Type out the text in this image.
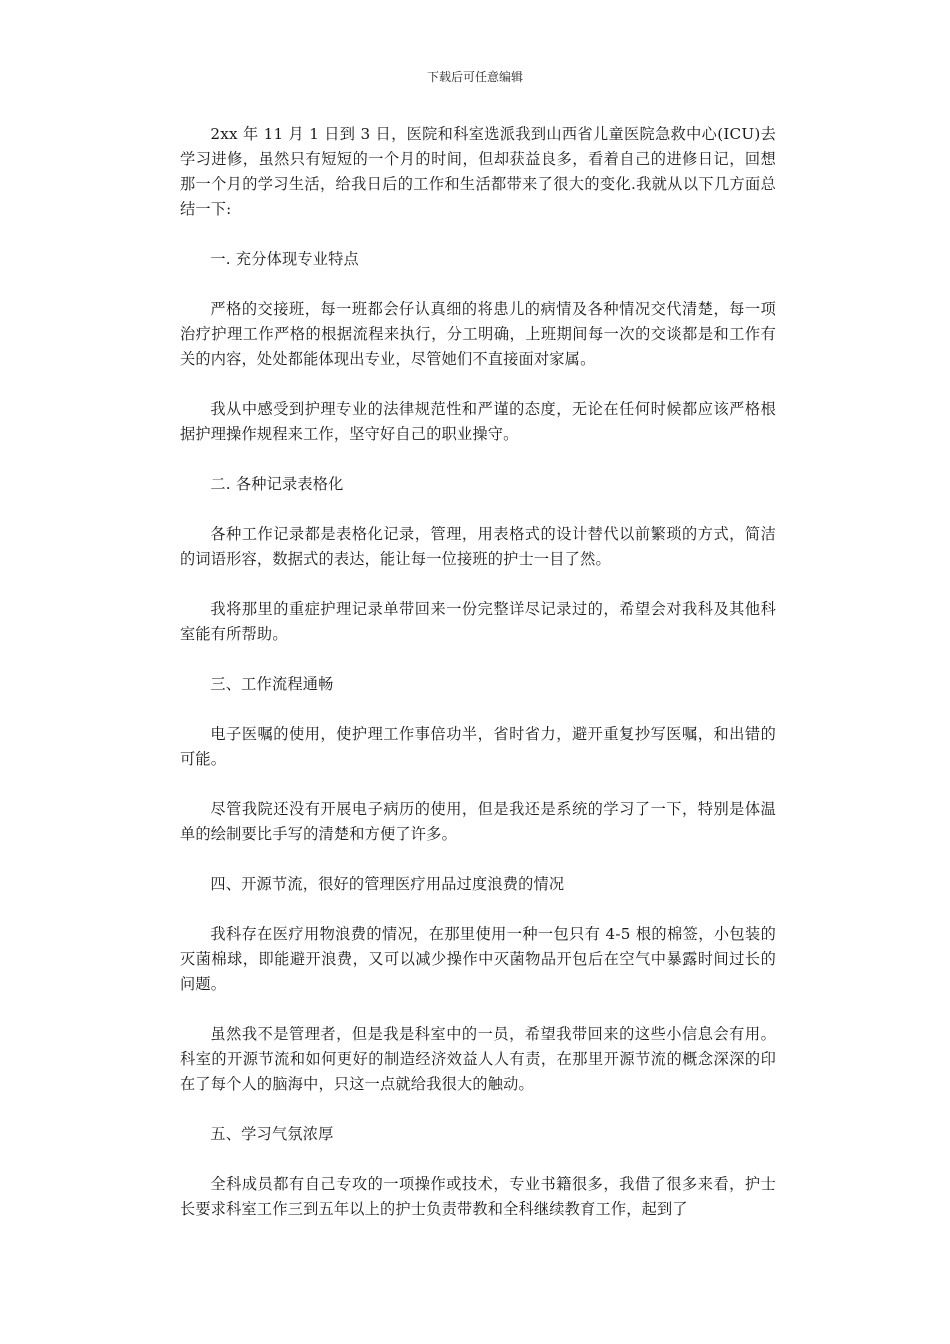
下载后可任意编辑

2xx 年 11 月 1 日到 3 日，医院和科室选派我到山西省儿童医院急救中心(ICU)去学习进修，虽然只有短短的一个月的时间，但却获益良多，看着自己的进修日记，回想那一个月的学习生活，给我日后的工作和生活都带来了很大的变化.我就从以下几方面总结一下:

一. 充分体现专业特点

严格的交接班，每一班都会仔认真细的将患儿的病情及各种情况交代清楚，每一项治疗护理工作严格的根据流程来执行，分工明确，上班期间每一次的交谈都是和工作有关的内容，处处都能体现出专业，尽管她们不直接面对家属。

我从中感受到护理专业的法律规范性和严谨的态度，无论在任何时候都应该严格根据护理操作规程来工作，坚守好自己的职业操守。

二. 各种记录表格化

各种工作记录都是表格化记录，管理，用表格式的设计替代以前繁琐的方式，简洁的词语形容，数据式的表达，能让每一位接班的护士一目了然。

我将那里的重症护理记录单带回来一份完整详尽记录过的，希望会对我科及其他科室能有所帮助。

三、工作流程通畅

电子医嘱的使用，使护理工作事倍功半，省时省力，避开重复抄写医嘱，和出错的可能。

尽管我院还没有开展电子病历的使用，但是我还是系统的学习了一下，特别是体温单的绘制要比手写的清楚和方便了许多。

四、开源节流，很好的管理医疗用品过度浪费的情况

我科存在医疗用物浪费的情况，在那里使用一种一包只有 4-5 根的棉签，小包装的灭菌棉球，即能避开浪费，又可以减少操作中灭菌物品开包后在空气中暴露时间过长的问题。

虽然我不是管理者，但是我是科室中的一员，希望我带回来的这些小信息会有用。科室的开源节流和如何更好的制造经济效益人人有责，在那里开源节流的概念深深的印在了每个人的脑海中，只这一点就给我很大的触动。

五、学习气氛浓厚

全科成员都有自己专攻的一项操作或技术，专业书籍很多，我借了很多来看，护士长要求科室工作三到五年以上的护士负责带教和全科继续教育工作，起到了
